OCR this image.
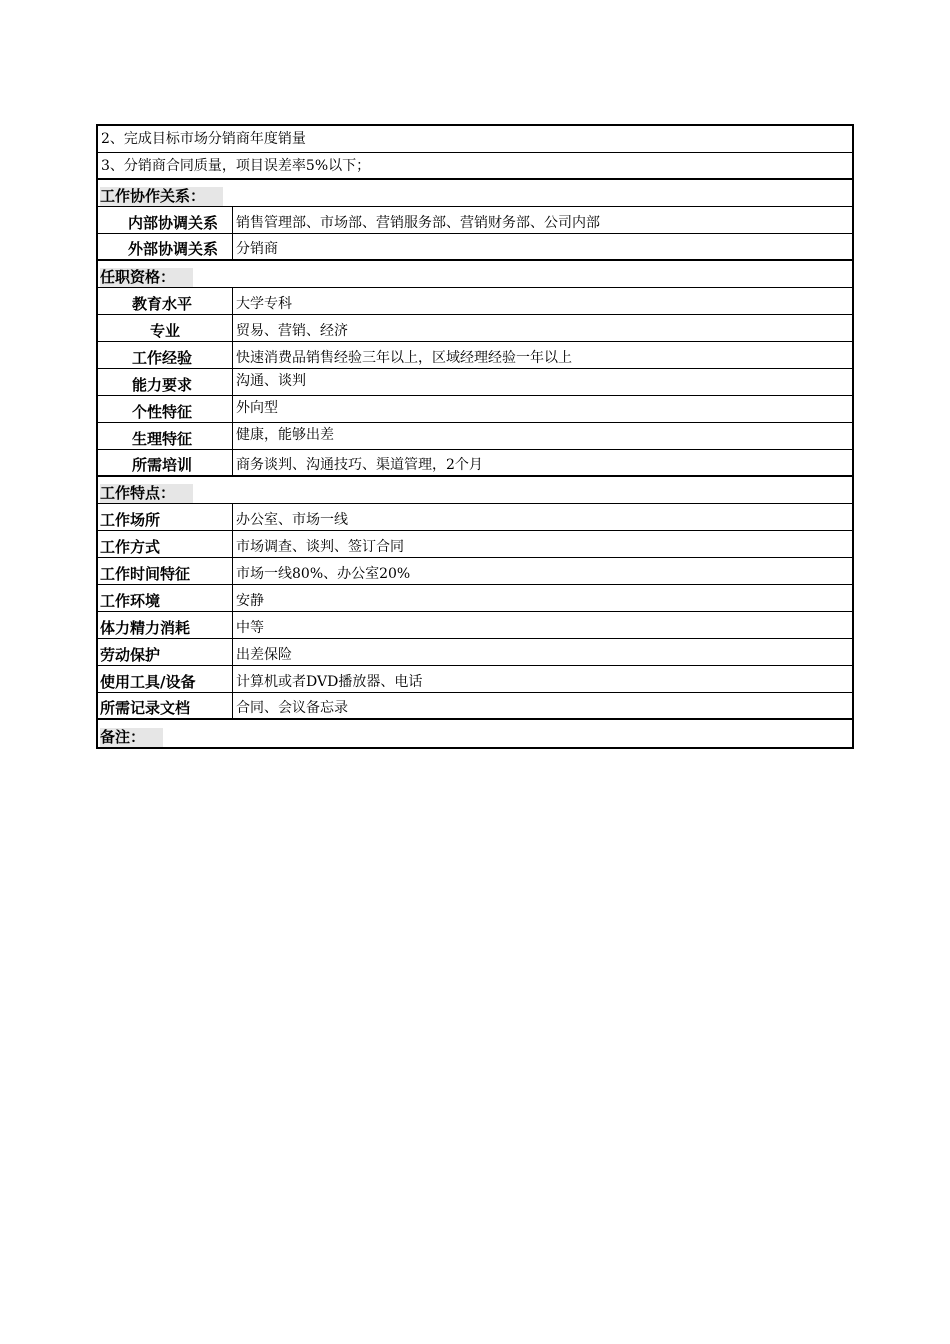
2、完成目标市场分销商年度销量
3、分销商合同质量，项目误差率5%以下；
工作协作关系：
内部协调关系	销售管理部、市场部、营销服务部、营销财务部、公司内部
外部协调关系	分销商
任职资格：
教育水平	大学专科
专业	贸易、营销、经济
工作经验	快速消费品销售经验三年以上，区域经理经验一年以上
能力要求	沟通、谈判
个性特征	外向型
生理特征	健康，能够出差
所需培训	商务谈判、沟通技巧、渠道管理，2个月
工作特点：
工作场所	办公室、市场一线
工作方式	市场调查、谈判、签订合同
工作时间特征	市场一线80%、办公室20%
工作环境	安静
体力精力消耗	中等
劳动保护	出差保险
使用工具/设备	计算机或者DVD播放器、电话
所需记录文档	合同、会议备忘录
备注：
